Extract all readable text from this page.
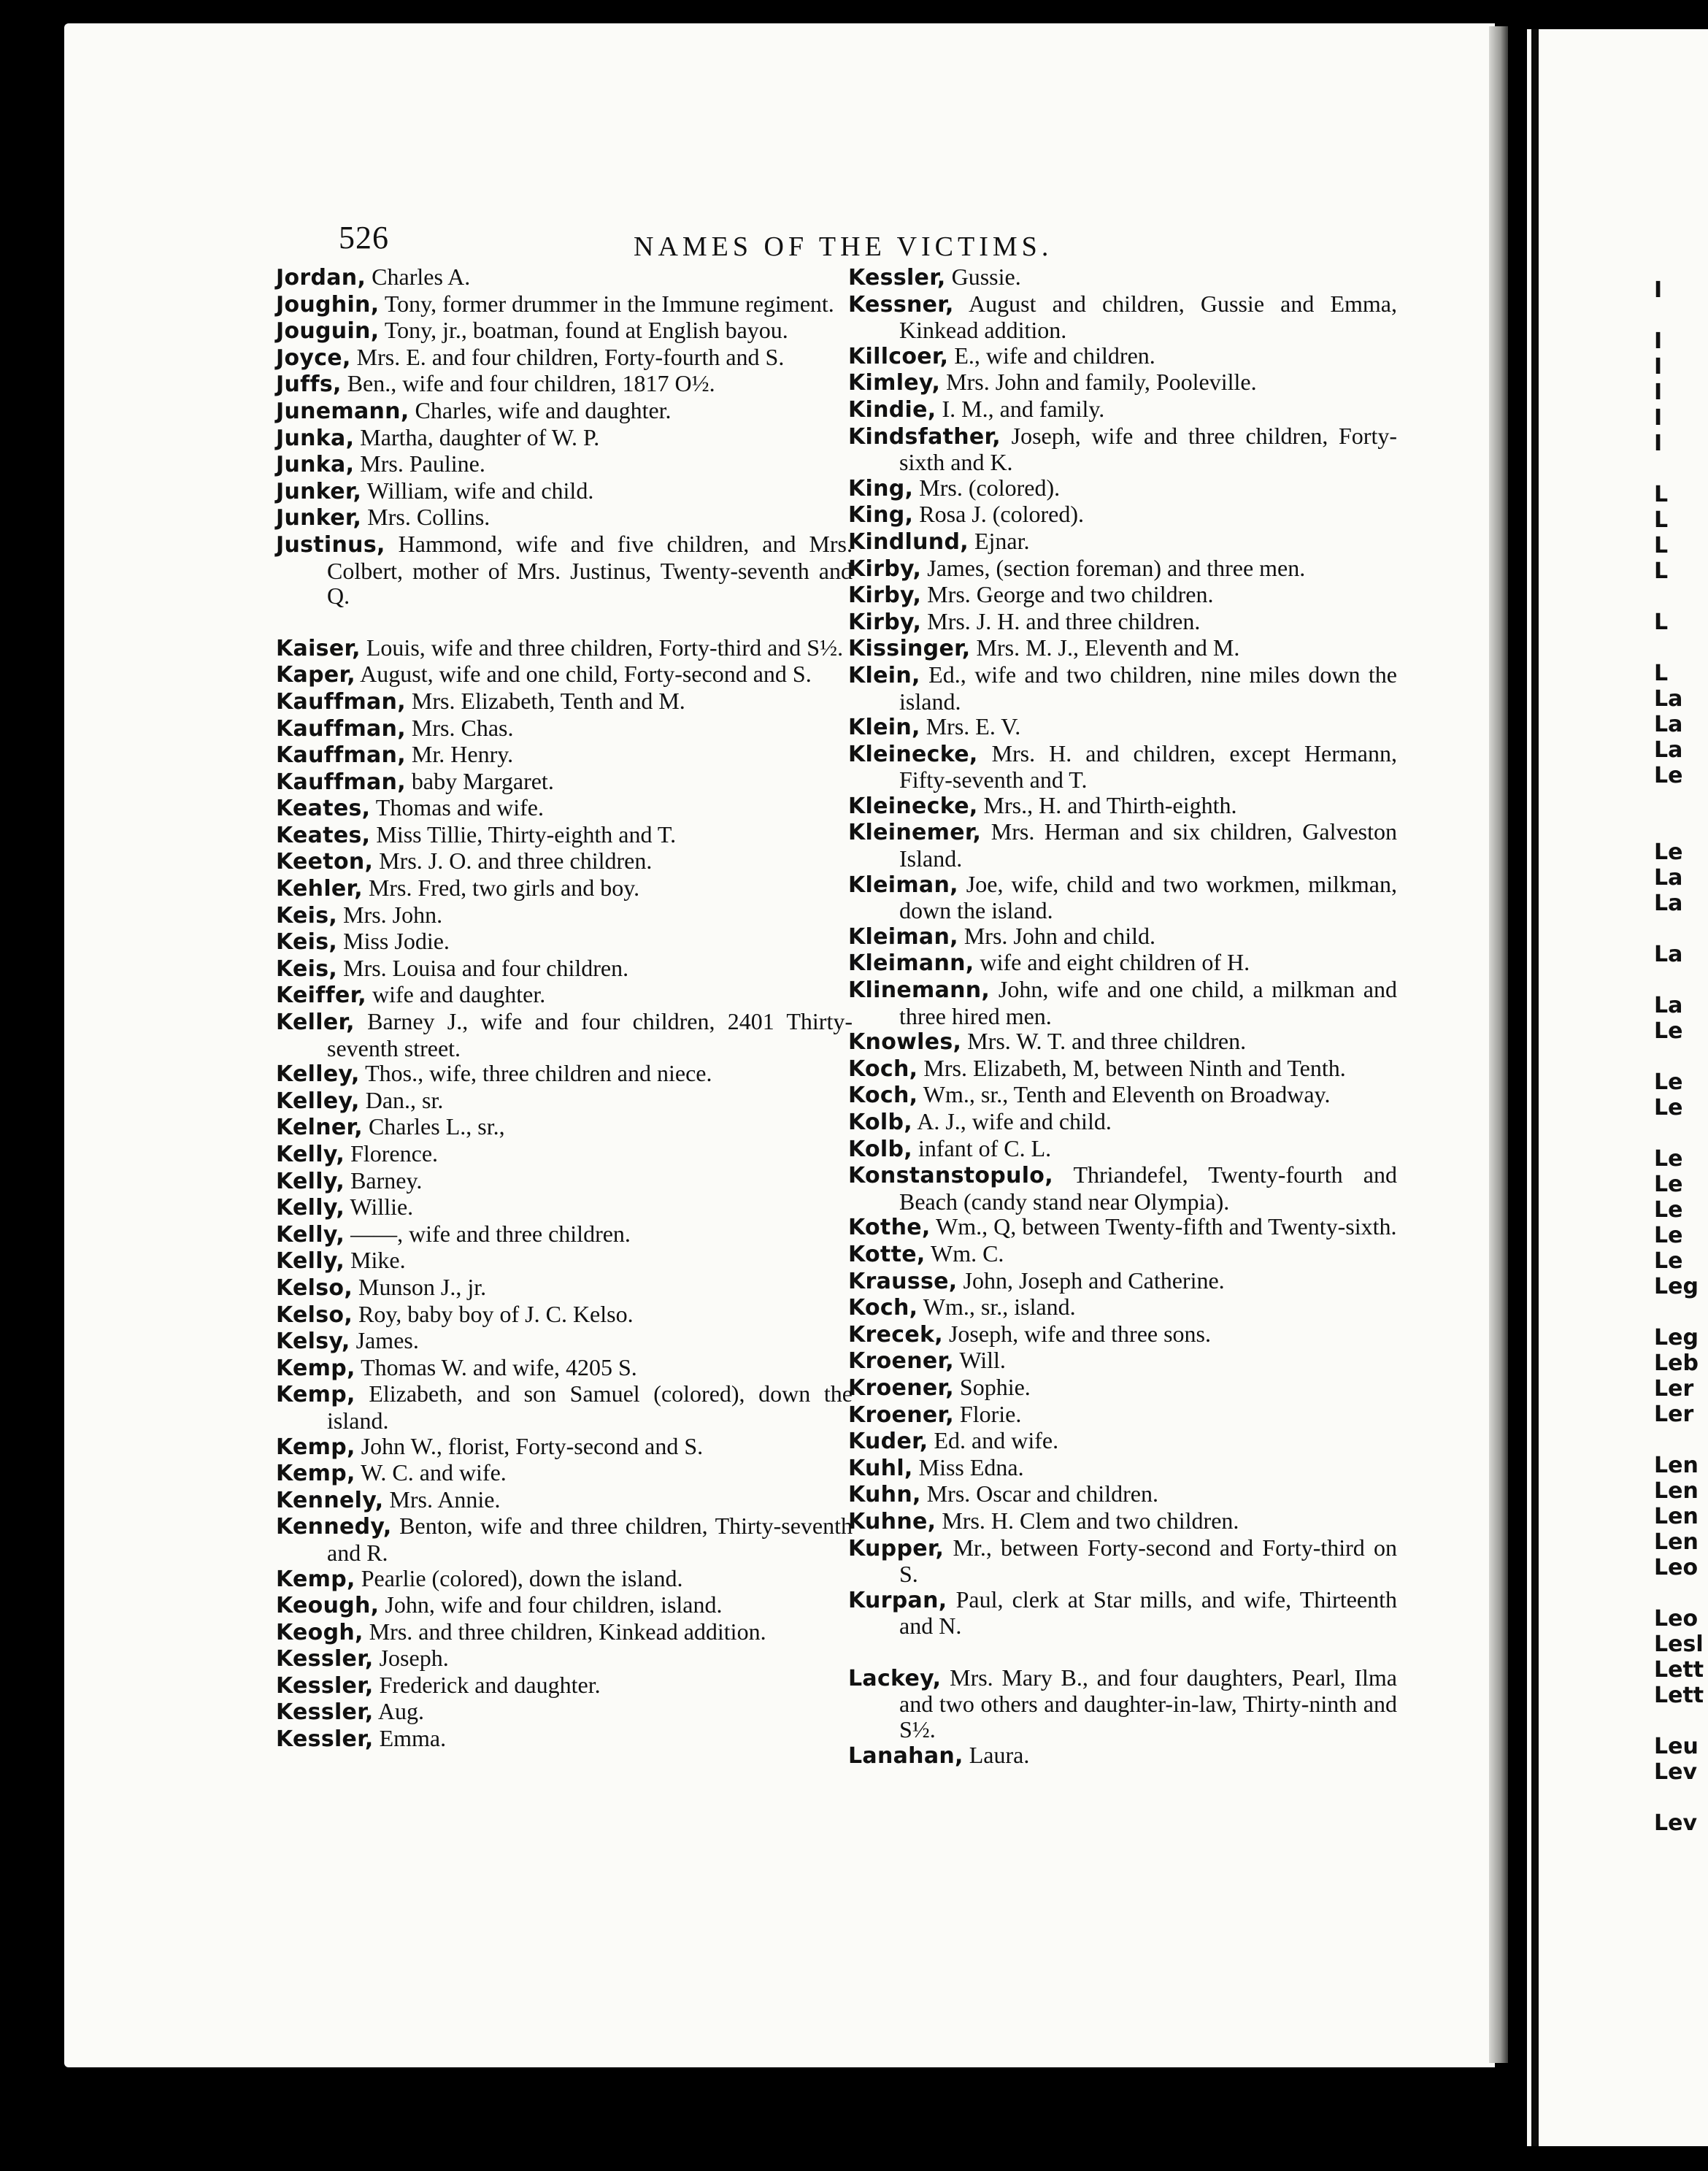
526	NAMES OF THE VICTIMS.
I
I
I
I
I
I
L
L
L
L
L
L
La
La
La
Le
Le
La
La
La
La
Le
Le
Le
Le
Le
Le
Le
Le
Leg
Leg
Leb
Ler
Ler
Len
Len
Len
Len
Leo
Leo
Lesl
Lett
Lett
Leu
Lev
Lev

Jordan, Charles A.

Joughin, Tony, former drummer in the Immune regiment.

Jouguin, Tony, jr., boatman, found at English bayou.

Joyce, Mrs. E. and four children, Forty-fourth and S.

Juffs, Ben., wife and four children, 1817 O½.

Junemann, Charles, wife and daughter.

Junka, Martha, daughter of W. P.

Junka, Mrs. Pauline.

Junker, William, wife and child.

Junker, Mrs. Collins.

Justinus, Hammond, wife and five children, and Mrs. Colbert, mother of Mrs. Justinus, Twenty-seventh and Q.

Kaiser, Louis, wife and three children, Forty-third and S½.

Kaper, August, wife and one child, Forty-second and S.

Kauffman, Mrs. Elizabeth, Tenth and M.

Kauffman, Mrs. Chas.

Kauffman, Mr. Henry.

Kauffman, baby Margaret.

Keates, Thomas and wife.

Keates, Miss Tillie, Thirty-eighth and T.

Keeton, Mrs. J. O. and three children.

Kehler, Mrs. Fred, two girls and boy.

Keis, Mrs. John.

Keis, Miss Jodie.

Keis, Mrs. Louisa and four children.

Keiffer, wife and daughter.

Keller, Barney J., wife and four children, 2401 Thirty-seventh street.

Kelley, Thos., wife, three children and niece.

Kelley, Dan., sr.

Kelner, Charles L., sr.,

Kelly, Florence.

Kelly, Barney.

Kelly, Willie.

Kelly, ——, wife and three children.

Kelly, Mike.

Kelso, Munson J., jr.

Kelso, Roy, baby boy of J. C. Kelso.

Kelsy, James.

Kemp, Thomas W. and wife, 4205 S.

Kemp, Elizabeth, and son Samuel (colored), down the island.

Kemp, John W., florist, Forty-second and S.

Kemp, W. C. and wife.

Kennely, Mrs. Annie.

Kennedy, Benton, wife and three children, Thirty-seventh and R.

Kemp, Pearlie (colored), down the island.

Keough, John, wife and four children, island.

Keogh, Mrs. and three children, Kinkead addition.

Kessler, Joseph.

Kessler, Frederick and daughter.

Kessler, Aug.

Kessler, Emma.

Kessler, Gussie.

Kessner, August and children, Gussie and Emma, Kinkead addition.

Killcoer, E., wife and children.

Kimley, Mrs. John and family, Pooleville.

Kindie, I. M., and family.

Kindsfather, Joseph, wife and three children, Forty-sixth and K.

King, Mrs. (colored).

King, Rosa J. (colored).

Kindlund, Ejnar.

Kirby, James, (section foreman) and three men.

Kirby, Mrs. George and two children.

Kirby, Mrs. J. H. and three children.

Kissinger, Mrs. M. J., Eleventh and M.

Klein, Ed., wife and two children, nine miles down the island.

Klein, Mrs. E. V.

Kleinecke, Mrs. H. and children, except Hermann, Fifty-seventh and T.

Kleinecke, Mrs., H. and Thirth-eighth.

Kleinemer, Mrs. Herman and six children, Galveston Island.

Kleiman, Joe, wife, child and two workmen, milkman, down the island.

Kleiman, Mrs. John and child.

Kleimann, wife and eight children of H.

Klinemann, John, wife and one child, a milkman and three hired men.

Knowles, Mrs. W. T. and three children.

Koch, Mrs. Elizabeth, M, between Ninth and Tenth.

Koch, Wm., sr., Tenth and Eleventh on Broadway.

Kolb, A. J., wife and child.

Kolb, infant of C. L.

Konstanstopulo, Thriandefel, Twenty-fourth and Beach (candy stand near Olympia).

Kothe, Wm., Q, between Twenty-fifth and Twenty-sixth.

Kotte, Wm. C.

Krausse, John, Joseph and Catherine.

Koch, Wm., sr., island.

Krecek, Joseph, wife and three sons.

Kroener, Will.

Kroener, Sophie.

Kroener, Florie.

Kuder, Ed. and wife.

Kuhl, Miss Edna.

Kuhn, Mrs. Oscar and children.

Kuhne, Mrs. H. Clem and two children.

Kupper, Mr., between Forty-second and Forty-third on S.

Kurpan, Paul, clerk at Star mills, and wife, Thirteenth and N.

Lackey, Mrs. Mary B., and four daughters, Pearl, Ilma and two others and daughter-in-law, Thirty-ninth and S½.

Lanahan, Laura.
